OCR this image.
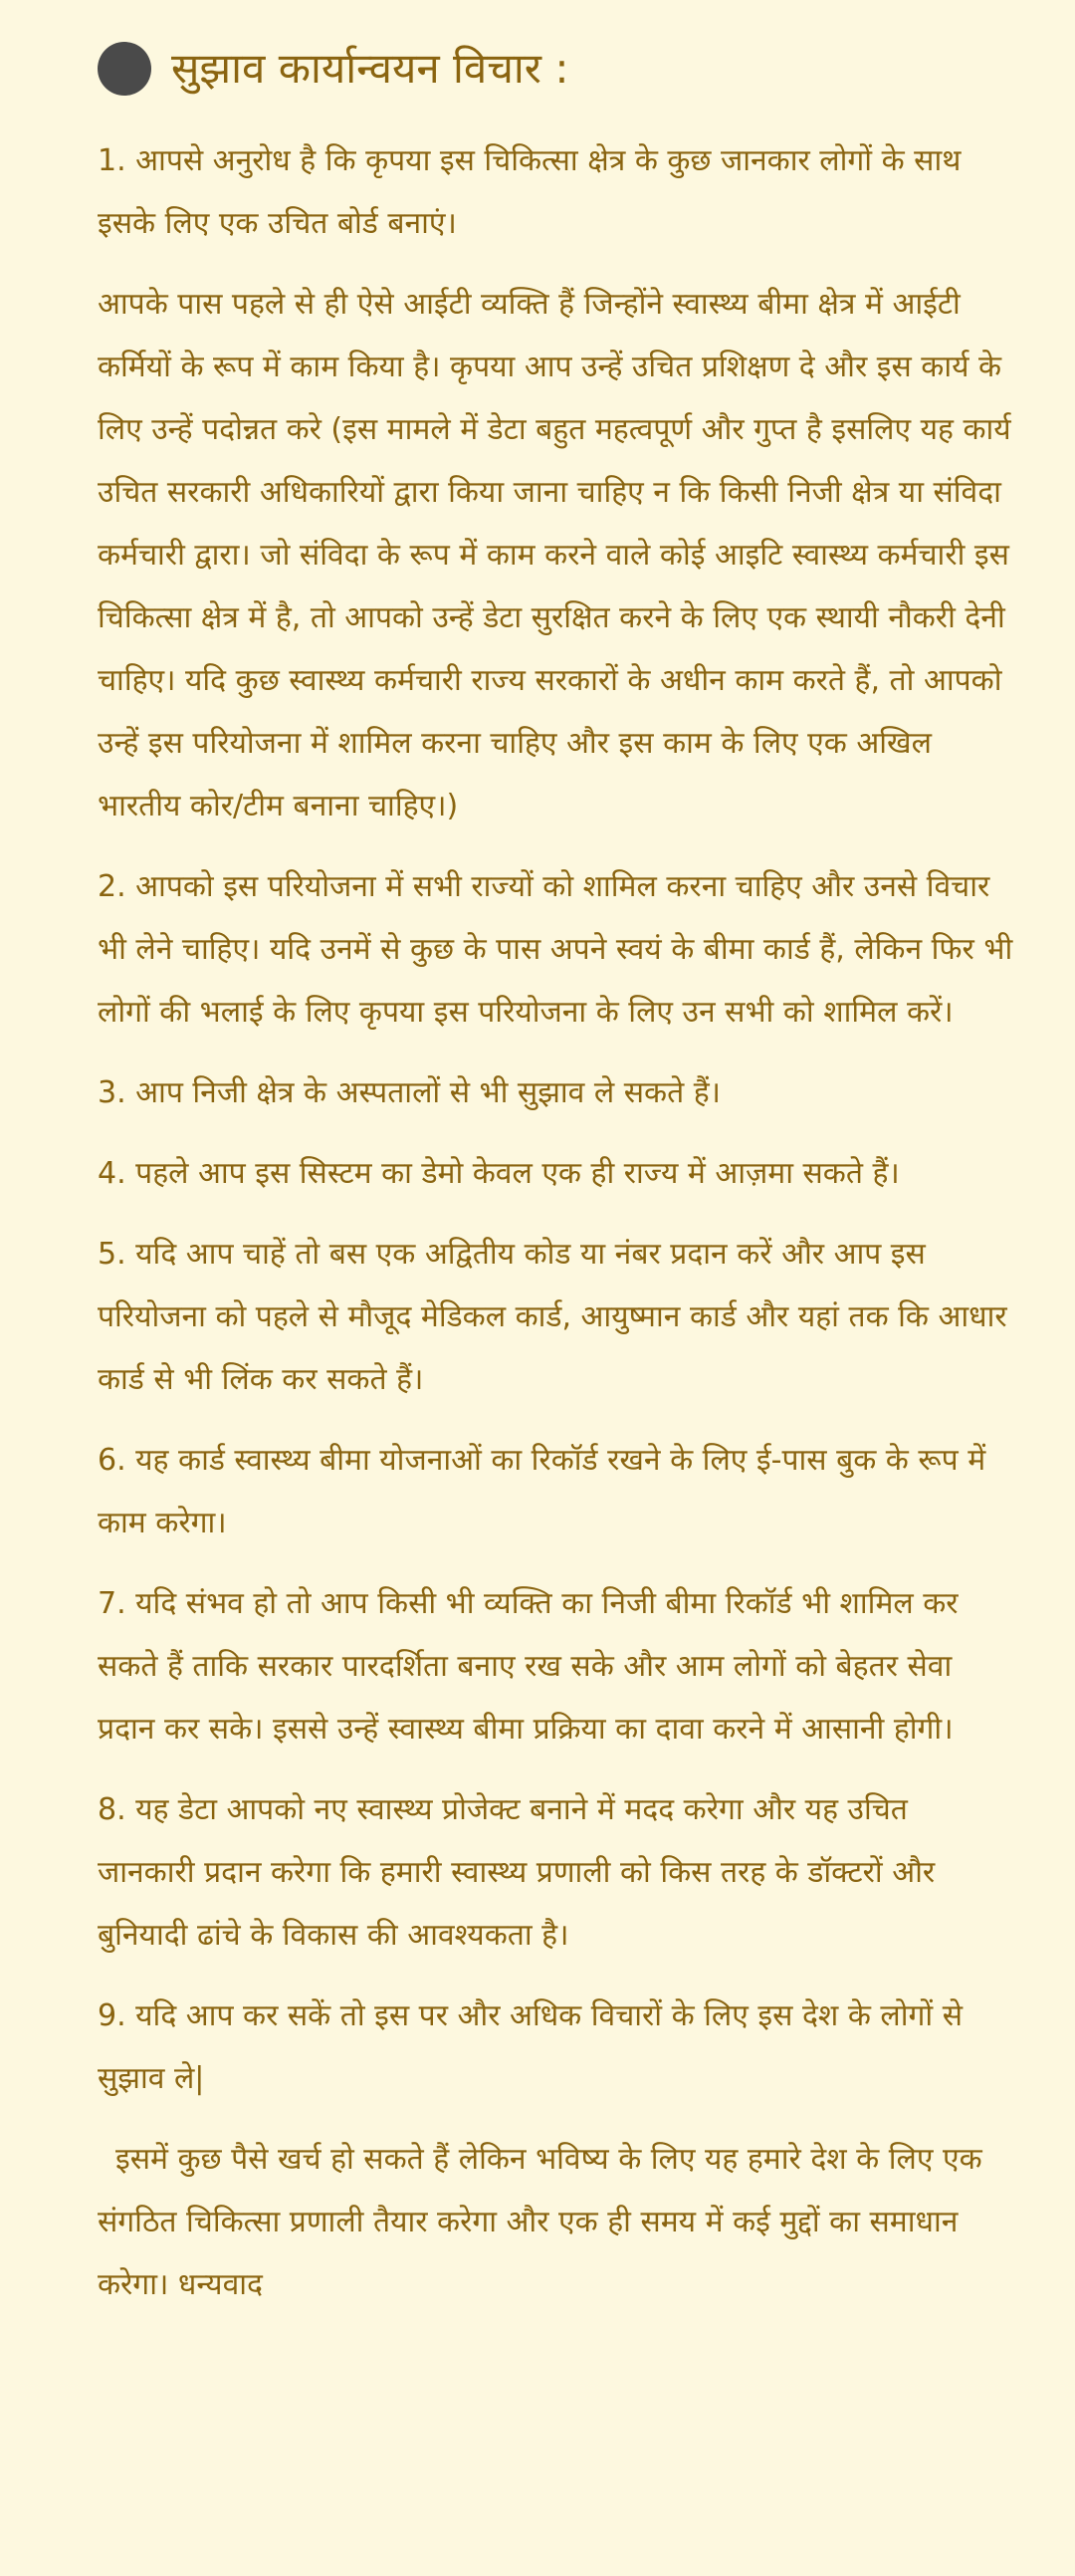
सुझाव कार्यान्वयन विचार :

1. आपसे अनुरोध है कि कृपया इस चिकित्सा क्षेत्र के कुछ जानकार लोगों के साथ इसके लिए एक उचित बोर्ड बनाएं।

आपके पास पहले से ही ऐसे आईटी व्यक्ति हैं जिन्होंने स्वास्थ्य बीमा क्षेत्र में आईटी कर्मियों के रूप में काम किया है। कृपया आप उन्हें उचित प्रशिक्षण दे और इस कार्य के लिए उन्हें पदोन्नत करे (इस मामले में डेटा बहुत महत्वपूर्ण और गुप्त है इसलिए यह कार्य उचित सरकारी अधिकारियों द्वारा किया जाना चाहिए न कि किसी निजी क्षेत्र या संविदा कर्मचारी द्वारा। जो संविदा के रूप में काम करने वाले कोई आइटि स्वास्थ्य कर्मचारी इस चिकित्सा क्षेत्र में है, तो आपको उन्हें डेटा सुरक्षित करने के लिए एक स्थायी नौकरी देनी चाहिए। यदि कुछ स्वास्थ्य कर्मचारी राज्य सरकारों के अधीन काम करते हैं, तो आपको उन्हें इस परियोजना में शामिल करना चाहिए और इस काम के लिए एक अखिल भारतीय कोर/टीम बनाना चाहिए।)

2. आपको इस परियोजना में सभी राज्यों को शामिल करना चाहिए और उनसे विचार भी लेने चाहिए। यदि उनमें से कुछ के पास अपने स्वयं के बीमा कार्ड हैं, लेकिन फिर भी लोगों की भलाई के लिए कृपया इस परियोजना के लिए उन सभी को शामिल करें।

3. आप निजी क्षेत्र के अस्पतालों से भी सुझाव ले सकते हैं।

4. पहले आप इस सिस्टम का डेमो केवल एक ही राज्य में आज़मा सकते हैं।

5. यदि आप चाहें तो बस एक अद्वितीय कोड या नंबर प्रदान करें और आप इस परियोजना को पहले से मौजूद मेडिकल कार्ड, आयुष्मान कार्ड और यहां तक कि आधार कार्ड से भी लिंक कर सकते हैं।

6. यह कार्ड स्वास्थ्य बीमा योजनाओं का रिकॉर्ड रखने के लिए ई-पास बुक के रूप में काम करेगा।

7. यदि संभव हो तो आप किसी भी व्यक्ति का निजी बीमा रिकॉर्ड भी शामिल कर सकते हैं ताकि सरकार पारदर्शिता बनाए रख सके और आम लोगों को बेहतर सेवा प्रदान कर सके। इससे उन्हें स्वास्थ्य बीमा प्रक्रिया का दावा करने में आसानी होगी।

8. यह डेटा आपको नए स्वास्थ्य प्रोजेक्ट बनाने में मदद करेगा और यह उचित जानकारी प्रदान करेगा कि हमारी स्वास्थ्य प्रणाली को किस तरह के डॉक्टरों और बुनियादी ढांचे के विकास की आवश्यकता है।

9. यदि आप कर सकें तो इस पर और अधिक विचारों के लिए इस देश के लोगों से सुझाव ले|

इसमें कुछ पैसे खर्च हो सकते हैं लेकिन भविष्य के लिए यह हमारे देश के लिए एक संगठित चिकित्सा प्रणाली तैयार करेगा और एक ही समय में कई मुद्दों का समाधान करेगा। धन्यवाद
